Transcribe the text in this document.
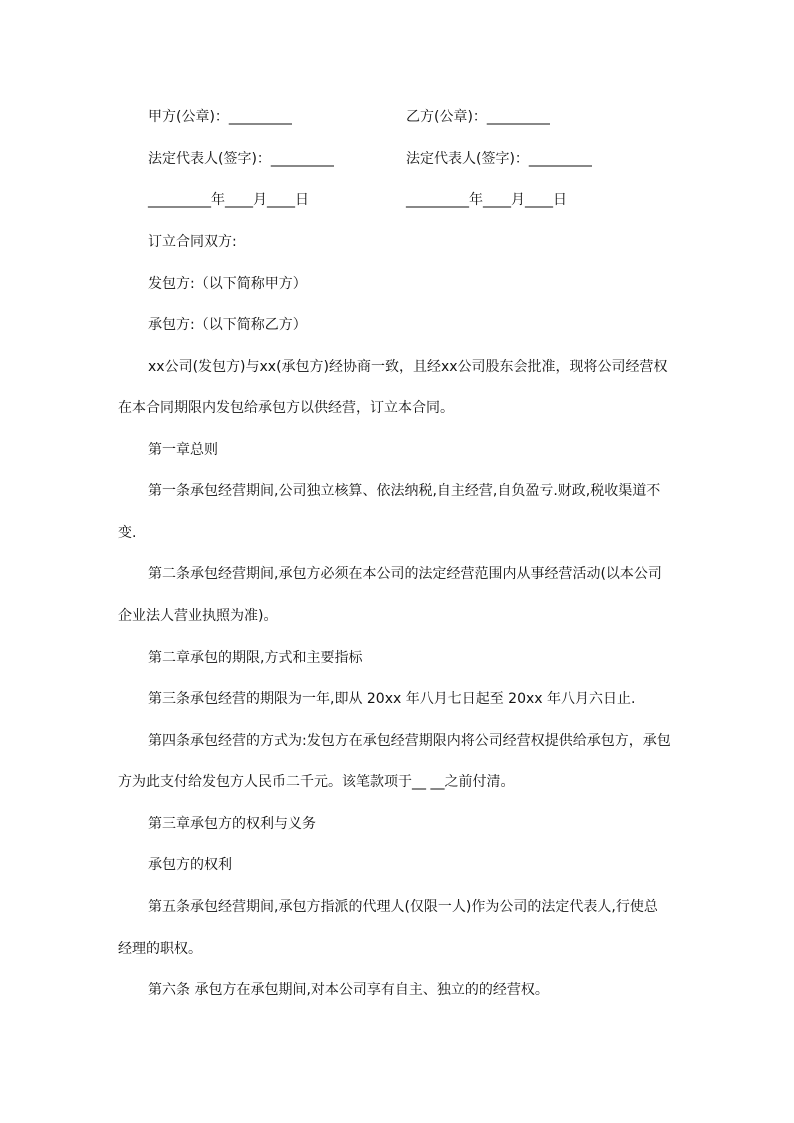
甲方(公章)：_________	乙方(公章)：_________
法定代表人(签字)：_________	法定代表人(签字)：_________
_________年____月____日	_________年____月____日
订立合同双方:
发包方:（以下简称甲方）
承包方:（以下简称乙方）
xx公司(发包方)与xx(承包方)经协商一致，且经xx公司股东会批准，现将公司经营权
在本合同期限内发包给承包方以供经营，订立本合同。
第一章总则
第一条承包经营期间,公司独立核算、依法纳税,自主经营,自负盈亏.财政,税收渠道不
变.
第二条承包经营期间,承包方必须在本公司的法定经营范围内从事经营活动(以本公司
企业法人营业执照为准)。
第二章承包的期限,方式和主要指标
第三条承包经营的期限为一年,即从 20xx 年八月七日起至 20xx 年八月六日止.
第四条承包经营的方式为:发包方在承包经营期限内将公司经营权提供给承包方，承包
方为此支付给发包方人民币二千元。该笔款项于__ __之前付清。
第三章承包方的权利与义务
承包方的权利
第五条承包经营期间,承包方指派的代理人(仅限一人)作为公司的法定代表人,行使总
经理的职权。
第六条 承包方在承包期间,对本公司享有自主、独立的的经营权。
